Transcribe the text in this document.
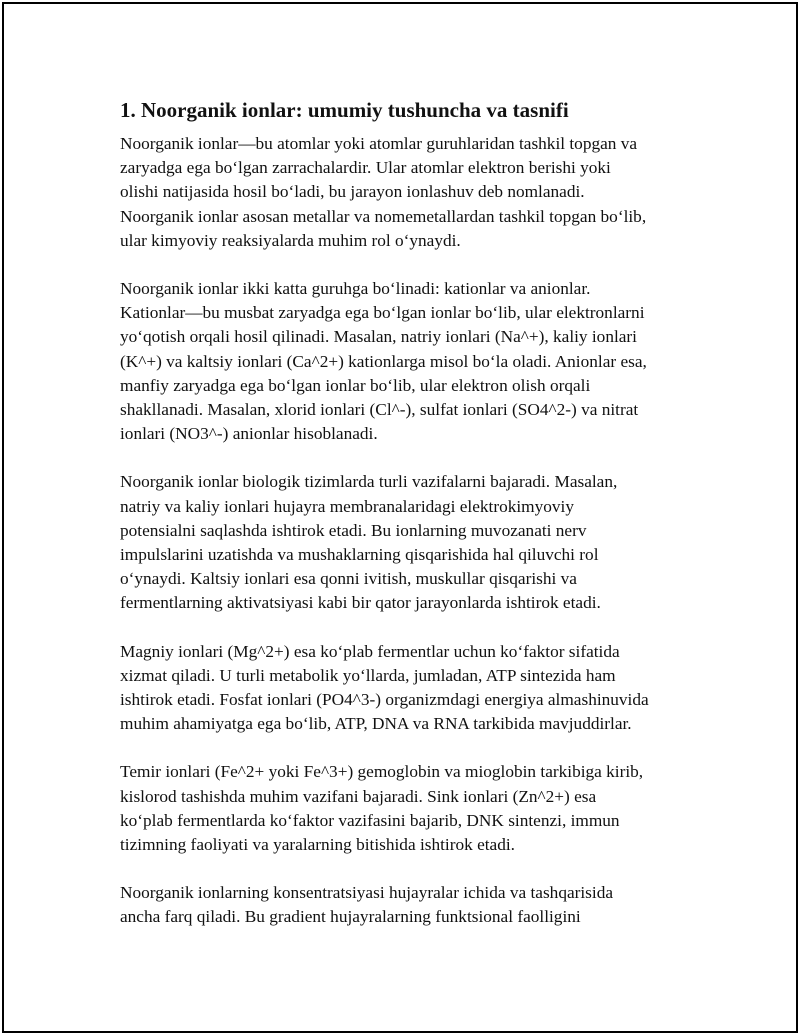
1. Noorganik ionlar: umumiy tushuncha va tasnifi

Noorganik ionlar—bu atomlar yoki atomlar guruhlaridan tashkil topgan va
zaryadga ega bo‘lgan zarrachalardir. Ular atomlar elektron berishi yoki
olishi natijasida hosil bo‘ladi, bu jarayon ionlashuv deb nomlanadi.
Noorganik ionlar asosan metallar va nomemetallardan tashkil topgan bo‘lib,
ular kimyoviy reaksiyalarda muhim rol o‘ynaydi.

Noorganik ionlar ikki katta guruhga bo‘linadi: kationlar va anionlar.
Kationlar—bu musbat zaryadga ega bo‘lgan ionlar bo‘lib, ular elektronlarni
yo‘qotish orqali hosil qilinadi. Masalan, natriy ionlari (Na^+), kaliy ionlari
(K^+) va kaltsiy ionlari (Ca^2+) kationlarga misol bo‘la oladi. Anionlar esa,
manfiy zaryadga ega bo‘lgan ionlar bo‘lib, ular elektron olish orqali
shakllanadi. Masalan, xlorid ionlari (Cl^-), sulfat ionlari (SO4^2-) va nitrat
ionlari (NO3^-) anionlar hisoblanadi.

Noorganik ionlar biologik tizimlarda turli vazifalarni bajaradi. Masalan,
natriy va kaliy ionlari hujayra membranalaridagi elektrokimyoviy
potensialni saqlashda ishtirok etadi. Bu ionlarning muvozanati nerv
impulslarini uzatishda va mushaklarning qisqarishida hal qiluvchi rol
o‘ynaydi. Kaltsiy ionlari esa qonni ivitish, muskullar qisqarishi va
fermentlarning aktivatsiyasi kabi bir qator jarayonlarda ishtirok etadi.

Magniy ionlari (Mg^2+) esa ko‘plab fermentlar uchun ko‘faktor sifatida
xizmat qiladi. U turli metabolik yo‘llarda, jumladan, ATP sintezida ham
ishtirok etadi. Fosfat ionlari (PO4^3-) organizmdagi energiya almashinuvida
muhim ahamiyatga ega bo‘lib, ATP, DNA va RNA tarkibida mavjuddirlar.

Temir ionlari (Fe^2+ yoki Fe^3+) gemoglobin va mioglobin tarkibiga kirib,
kislorod tashishda muhim vazifani bajaradi. Sink ionlari (Zn^2+) esa
ko‘plab fermentlarda ko‘faktor vazifasini bajarib, DNK sintenzi, immun
tizimning faoliyati va yaralarning bitishida ishtirok etadi.

Noorganik ionlarning konsentratsiyasi hujayralar ichida va tashqarisida
ancha farq qiladi. Bu gradient hujayralarning funktsional faolligini
